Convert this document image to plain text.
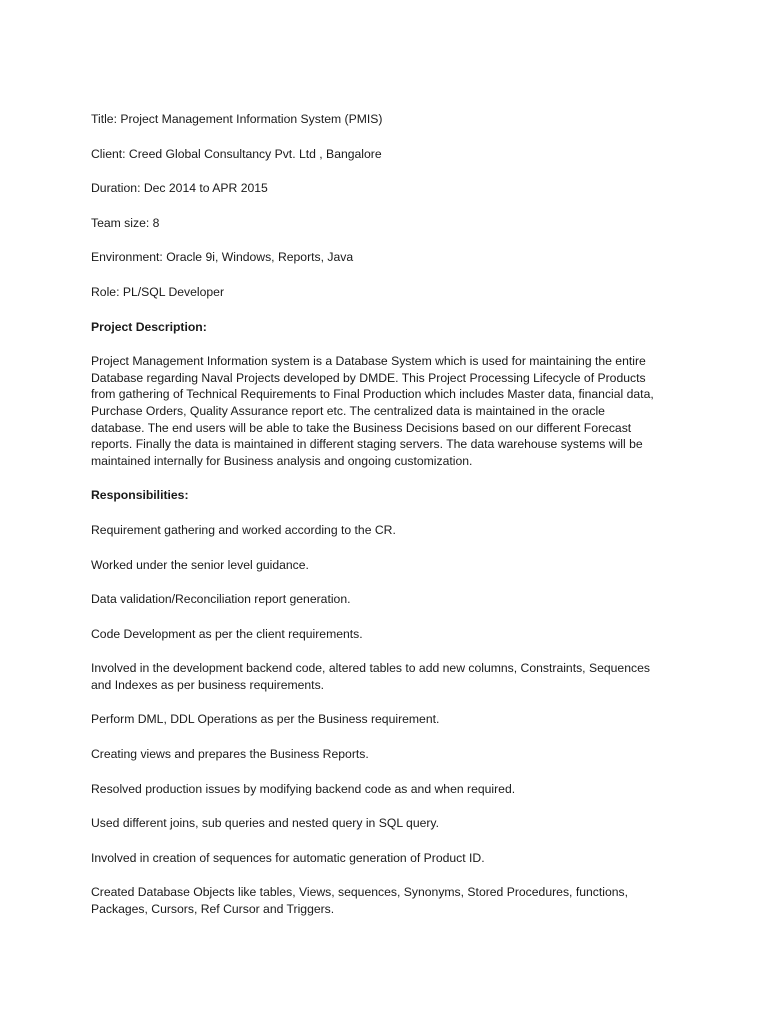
Title: Project Management Information System (PMIS)

Client: Creed Global Consultancy Pvt. Ltd , Bangalore

Duration: Dec 2014 to APR 2015

Team size: 8

Environment: Oracle 9i, Windows, Reports, Java

Role: PL/SQL Developer

Project Description:

Project Management Information system is a Database System which is used for maintaining the entire

Database regarding Naval Projects developed by DMDE. This Project Processing Lifecycle of Products

from gathering of Technical Requirements to Final Production which includes Master data, financial data,

Purchase Orders, Quality Assurance report etc. The centralized data is maintained in the oracle

database. The end users will be able to take the Business Decisions based on our different Forecast

reports. Finally the data is maintained in different staging servers. The data warehouse systems will be

maintained internally for Business analysis and ongoing customization.

Responsibilities:

Requirement gathering and worked according to the CR.

Worked under the senior level guidance.

Data validation/Reconciliation report generation.

Code Development as per the client requirements.

Involved in the development backend code, altered tables to add new columns, Constraints, Sequences

and Indexes as per business requirements.

Perform DML, DDL Operations as per the Business requirement.

Creating views and prepares the Business Reports.

Resolved production issues by modifying backend code as and when required.

Used different joins, sub queries and nested query in SQL query.

Involved in creation of sequences for automatic generation of Product ID.

Created Database Objects like tables, Views, sequences, Synonyms, Stored Procedures, functions,

Packages, Cursors, Ref Cursor and Triggers.
